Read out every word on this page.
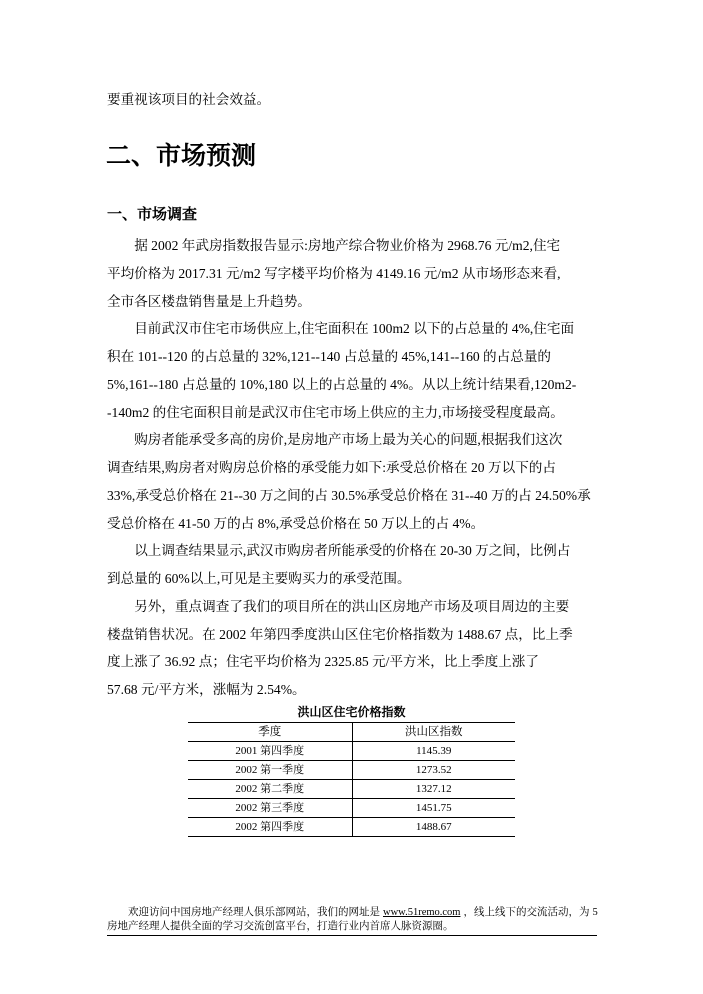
要重视该项目的社会效益。
二、市场预测
一、市场调查
据 2002 年武房指数报告显示:房地产综合物业价格为 2968.76 元/m2,住宅
平均价格为 2017.31 元/m2 写字楼平均价格为 4149.16 元/m2 从市场形态来看,
全市各区楼盘销售量是上升趋势。
目前武汉市住宅市场供应上,住宅面积在 100m2 以下的占总量的 4%,住宅面
积在 101--120 的占总量的 32%,121--140 占总量的 45%,141--160 的占总量的
5%,161--180 占总量的 10%,180 以上的占总量的 4%。从以上统计结果看,120m2-
-140m2 的住宅面积目前是武汉市住宅市场上供应的主力,市场接受程度最高。
购房者能承受多高的房价,是房地产市场上最为关心的问题,根据我们这次
调查结果,购房者对购房总价格的承受能力如下:承受总价格在 20 万以下的占
33%,承受总价格在 21--30 万之间的占 30.5%承受总价格在 31--40 万的占 24.50%承
受总价格在 41-50 万的占 8%,承受总价格在 50 万以上的占 4%。
以上调查结果显示,武汉市购房者所能承受的价格在 20-30 万之间，比例占
到总量的 60%以上,可见是主要购买力的承受范围。
另外，重点调查了我们的项目所在的洪山区房地产市场及项目周边的主要
楼盘销售状况。在 2002 年第四季度洪山区住宅价格指数为 1488.67 点，比上季
度上涨了 36.92 点；住宅平均价格为 2325.85 元/平方米，比上季度上涨了
57.68 元/平方米，涨幅为 2.54%。
洪山区住宅价格指数
季度	洪山区指数
2001 第四季度	1145.39
2002 第一季度	1273.52
2002 第二季度	1327.12
2002 第三季度	1451.75
2002 第四季度	1488.67
欢迎访问中国房地产经理人俱乐部网站，我们的网址是 www.51remo.com ，线上线下的交流活动，为 5
房地产经理人提供全面的学习交流创富平台，打造行业内首席人脉资源圈。
